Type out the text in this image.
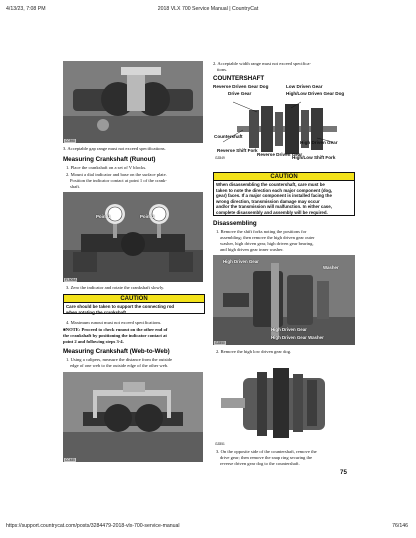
4/13/23, 7:08 PM	2018 VLX 700 Service Manual | CountryCat
CC898
3. Acceptable gap range must not exceed specifications.
Measuring Crankshaft (Runout)
1. Place the crankshaft on a set of V blocks.
2. Mount a dial indicator and base on the surface plate.
Position the indicator contact at point 1 of the crank-
shaft.
Point 1	Point 2
FI-905A
3. Zero the indicator and rotate the crankshaft slowly.
CAUTION
Care should be taken to support the connecting rod
when rotating the crankshaft.
4. Maximum runout must not exceed specifications.
■NOTE: Proceed to check runout on the other end of
the crankshaft by positioning the indicator contact at
point 2 and following steps 3-4.
Measuring Crankshaft (Web-to-Web)
1. Using a calipers, measure the distance from the outside
edge of one web to the outside edge of the other web.
CC485
2. Acceptable width range must not exceed specifica-
tions.
COUNTERSHAFT
Reverse Driven Gear Dog	Low Driven Gear
Drive Gear	High/Low Driven Gear Dog
GZ849
Countershaft
High Driven Gear
Reverse Shift Fork
Reverse Driven Gear
High/Low Shift Fork
CAUTION
When disassembling the countershaft, care must be
taken to note the direction each major component (dog,
gear) faces. If a major component is installed facing the
wrong direction, transmission damage may occur
and/or the transmission will malfunction. In either case,
complete disassembly and assembly will be required.
Disassembling
1. Remove the shift forks noting the positions for
assembling; then remove the high driven gear outer
washer, high driven gear, high driven gear bearing,
and high driven gear inner washer.
High Driven Gear
Washer
High Driven Gear
High Driven Gear Washer
GZ850
2. Remove the high low driven gear dog.
GZ851
3. On the opposite side of the countershaft, remove the
drive gear; then remove the snap ring securing the
reverse driven gear dog to the countershaft.
75
https://support.countrycat.com/posts/3284479-2018-vlx-700-service-manual	76/146
